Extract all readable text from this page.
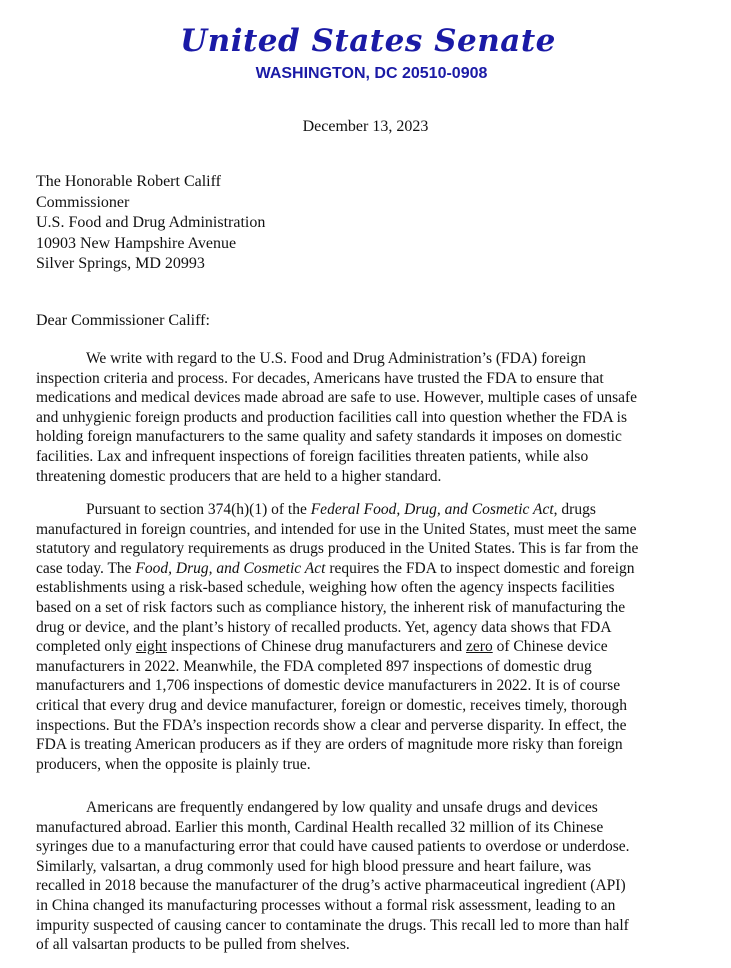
United States Senate
WASHINGTON, DC 20510-0908
December 13, 2023
The Honorable Robert Califf
Commissioner
U.S. Food and Drug Administration
10903 New Hampshire Avenue
Silver Springs, MD 20993
Dear Commissioner Califf:
We write with regard to the U.S. Food and Drug Administration’s (FDA) foreign
inspection criteria and process. For decades, Americans have trusted the FDA to ensure that
medications and medical devices made abroad are safe to use. However, multiple cases of unsafe
and unhygienic foreign products and production facilities call into question whether the FDA is
holding foreign manufacturers to the same quality and safety standards it imposes on domestic
facilities. Lax and infrequent inspections of foreign facilities threaten patients, while also
threatening domestic producers that are held to a higher standard.
Pursuant to section 374(h)(1) of the Federal Food, Drug, and Cosmetic Act, drugs
manufactured in foreign countries, and intended for use in the United States, must meet the same
statutory and regulatory requirements as drugs produced in the United States. This is far from the
case today. The Food, Drug, and Cosmetic Act requires the FDA to inspect domestic and foreign
establishments using a risk-based schedule, weighing how often the agency inspects facilities
based on a set of risk factors such as compliance history, the inherent risk of manufacturing the
drug or device, and the plant’s history of recalled products. Yet, agency data shows that FDA
completed only eight inspections of Chinese drug manufacturers and zero of Chinese device
manufacturers in 2022. Meanwhile, the FDA completed 897 inspections of domestic drug
manufacturers and 1,706 inspections of domestic device manufacturers in 2022. It is of course
critical that every drug and device manufacturer, foreign or domestic, receives timely, thorough
inspections. But the FDA’s inspection records show a clear and perverse disparity. In effect, the
FDA is treating American producers as if they are orders of magnitude more risky than foreign
producers, when the opposite is plainly true.
Americans are frequently endangered by low quality and unsafe drugs and devices
manufactured abroad. Earlier this month, Cardinal Health recalled 32 million of its Chinese
syringes due to a manufacturing error that could have caused patients to overdose or underdose.
Similarly, valsartan, a drug commonly used for high blood pressure and heart failure, was
recalled in 2018 because the manufacturer of the drug’s active pharmaceutical ingredient (API)
in China changed its manufacturing processes without a formal risk assessment, leading to an
impurity suspected of causing cancer to contaminate the drugs. This recall led to more than half
of all valsartan products to be pulled from shelves.
